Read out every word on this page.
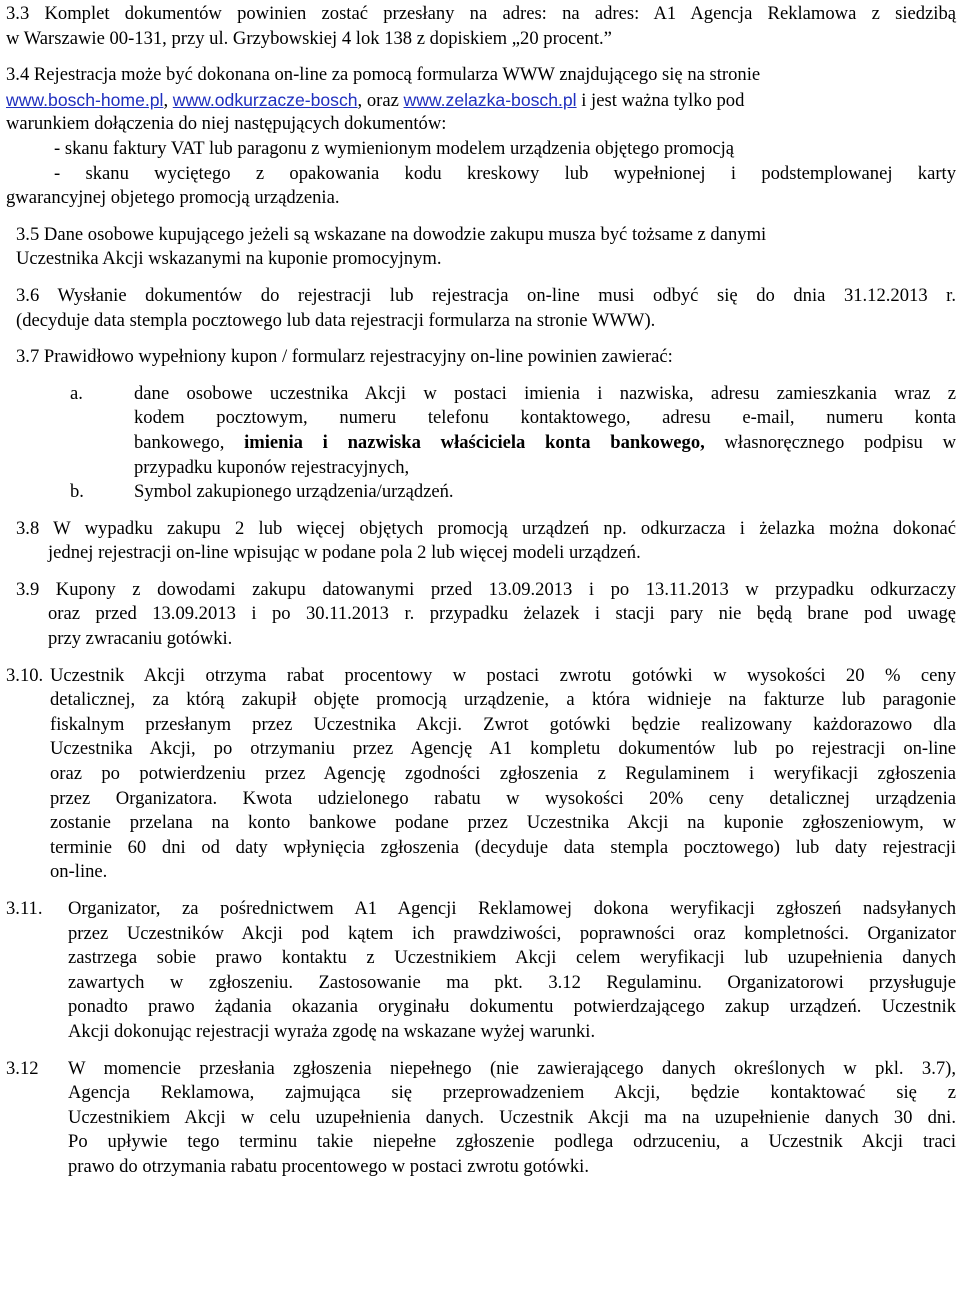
3.3 Komplet dokumentów powinien zostać przesłany na adres: na adres: A1 Agencja Reklamowa z siedzibą
w Warszawie 00-131, przy ul. Grzybowskiej 4 lok 138 z dopiskiem „20 procent.”
3.4 Rejestracja może być dokonana on-line za pomocą formularza WWW znajdującego się na stronie
www.bosch-home.pl, www.odkurzacze-bosch, oraz www.zelazka-bosch.pl i jest ważna tylko pod
warunkiem dołączenia do niej następujących dokumentów:
- skanu faktury VAT lub paragonu z wymienionym modelem urządzenia objętego promocją
- skanu wyciętego z opakowania kodu kreskowy lub wypełnionej i podstemplowanej karty
gwarancyjnej objetego promocją urządzenia.
3.5 Dane osobowe kupującego jeżeli są wskazane na dowodzie zakupu musza być tożsame z danymi
Uczestnika Akcji wskazanymi na kuponie promocyjnym.
3.6 Wysłanie dokumentów do rejestracji lub rejestracja on-line musi odbyć się do dnia 31.12.2013 r.
(decyduje data stempla pocztowego lub data rejestracji formularza na stronie WWW).
3.7 Prawidłowo wypełniony kupon / formularz rejestracyjny on-line powinien zawierać:
a.	dane osobowe uczestnika Akcji w postaci imienia i nazwiska, adresu zamieszkania wraz z
kodem pocztowym, numeru telefonu kontaktowego, adresu e-mail, numeru konta
bankowego, imienia i nazwiska właściciela konta bankowego, własnoręcznego podpisu w
przypadku kuponów rejestracyjnych,
b.	Symbol zakupionego urządzenia/urządzeń.
3.8 W wypadku zakupu 2 lub więcej objętych promocją urządzeń np. odkurzacza i żelazka można dokonać
jednej rejestracji on-line wpisując w podane pola 2 lub więcej modeli urządzeń.
3.9 Kupony z dowodami zakupu datowanymi przed 13.09.2013 i po 13.11.2013 w przypadku odkurzaczy
oraz przed 13.09.2013 i po 30.11.2013 r. przypadku żelazek i stacji pary nie będą brane pod uwagę
przy zwracaniu gotówki.
3.10. Uczestnik Akcji otrzyma rabat procentowy w postaci zwrotu gotówki w wysokości 20 % ceny
detalicznej, za którą zakupił objęte promocją urządzenie, a która widnieje na fakturze lub paragonie
fiskalnym przesłanym przez Uczestnika Akcji. Zwrot gotówki będzie realizowany każdorazowo dla
Uczestnika Akcji, po otrzymaniu przez Agencję A1 kompletu dokumentów lub po rejestracji on-line
oraz po potwierdzeniu przez Agencję zgodności zgłoszenia z Regulaminem i weryfikacji zgłoszenia
przez Organizatora. Kwota udzielonego rabatu w wysokości 20% ceny detalicznej urządzenia
zostanie przelana na konto bankowe podane przez Uczestnika Akcji na kuponie zgłoszeniowym, w
terminie 60 dni od daty wpłynięcia zgłoszenia (decyduje data stempla pocztowego) lub daty rejestracji
on-line.
3.11. Organizator, za pośrednictwem A1 Agencji Reklamowej dokona weryfikacji zgłoszeń nadsyłanych
przez Uczestników Akcji pod kątem ich prawdziwości, poprawności oraz kompletności. Organizator
zastrzega sobie prawo kontaktu z Uczestnikiem Akcji celem weryfikacji lub uzupełnienia danych
zawartych w zgłoszeniu. Zastosowanie ma pkt. 3.12 Regulaminu. Organizatorowi przysługuje
ponadto prawo żądania okazania oryginału dokumentu potwierdzającego zakup urządzeń. Uczestnik
Akcji dokonując rejestracji wyraża zgodę na wskazane wyżej warunki.
3.12 W momencie przesłania zgłoszenia niepełnego (nie zawierającego danych określonych w pkl. 3.7),
Agencja Reklamowa, zajmująca się przeprowadzeniem Akcji, będzie kontaktować się z
Uczestnikiem Akcji w celu uzupełnienia danych. Uczestnik Akcji ma na uzupełnienie danych 30 dni.
Po upływie tego terminu takie niepełne zgłoszenie podlega odrzuceniu, a Uczestnik Akcji traci
prawo do otrzymania rabatu procentowego w postaci zwrotu gotówki.
